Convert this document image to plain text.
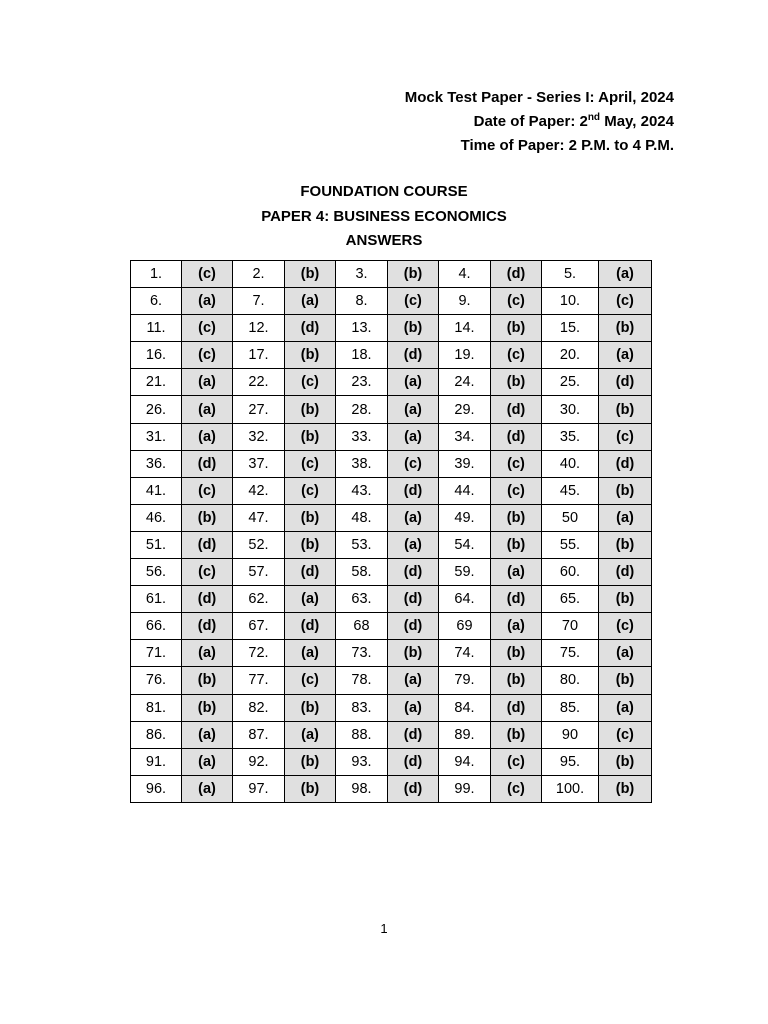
Mock Test Paper - Series I: April, 2024
Date of Paper: 2nd May, 2024
Time of Paper: 2 P.M. to 4 P.M.
FOUNDATION COURSE
PAPER 4: BUSINESS ECONOMICS
ANSWERS
1.	(c)	2.	(b)	3.	(b)	4.	(d)	5.	(a)
6.	(a)	7.	(a)	8.	(c)	9.	(c)	10.	(c)
11.	(c)	12.	(d)	13.	(b)	14.	(b)	15.	(b)
16.	(c)	17.	(b)	18.	(d)	19.	(c)	20.	(a)
21.	(a)	22.	(c)	23.	(a)	24.	(b)	25.	(d)
26.	(a)	27.	(b)	28.	(a)	29.	(d)	30.	(b)
31.	(a)	32.	(b)	33.	(a)	34.	(d)	35.	(c)
36.	(d)	37.	(c)	38.	(c)	39.	(c)	40.	(d)
41.	(c)	42.	(c)	43.	(d)	44.	(c)	45.	(b)
46.	(b)	47.	(b)	48.	(a)	49.	(b)	50	(a)
51.	(d)	52.	(b)	53.	(a)	54.	(b)	55.	(b)
56.	(c)	57.	(d)	58.	(d)	59.	(a)	60.	(d)
61.	(d)	62.	(a)	63.	(d)	64.	(d)	65.	(b)
66.	(d)	67.	(d)	68	(d)	69	(a)	70	(c)
71.	(a)	72.	(a)	73.	(b)	74.	(b)	75.	(a)
76.	(b)	77.	(c)	78.	(a)	79.	(b)	80.	(b)
81.	(b)	82.	(b)	83.	(a)	84.	(d)	85.	(a)
86.	(a)	87.	(a)	88.	(d)	89.	(b)	90	(c)
91.	(a)	92.	(b)	93.	(d)	94.	(c)	95.	(b)
96.	(a)	97.	(b)	98.	(d)	99.	(c)	100.	(b)
1
